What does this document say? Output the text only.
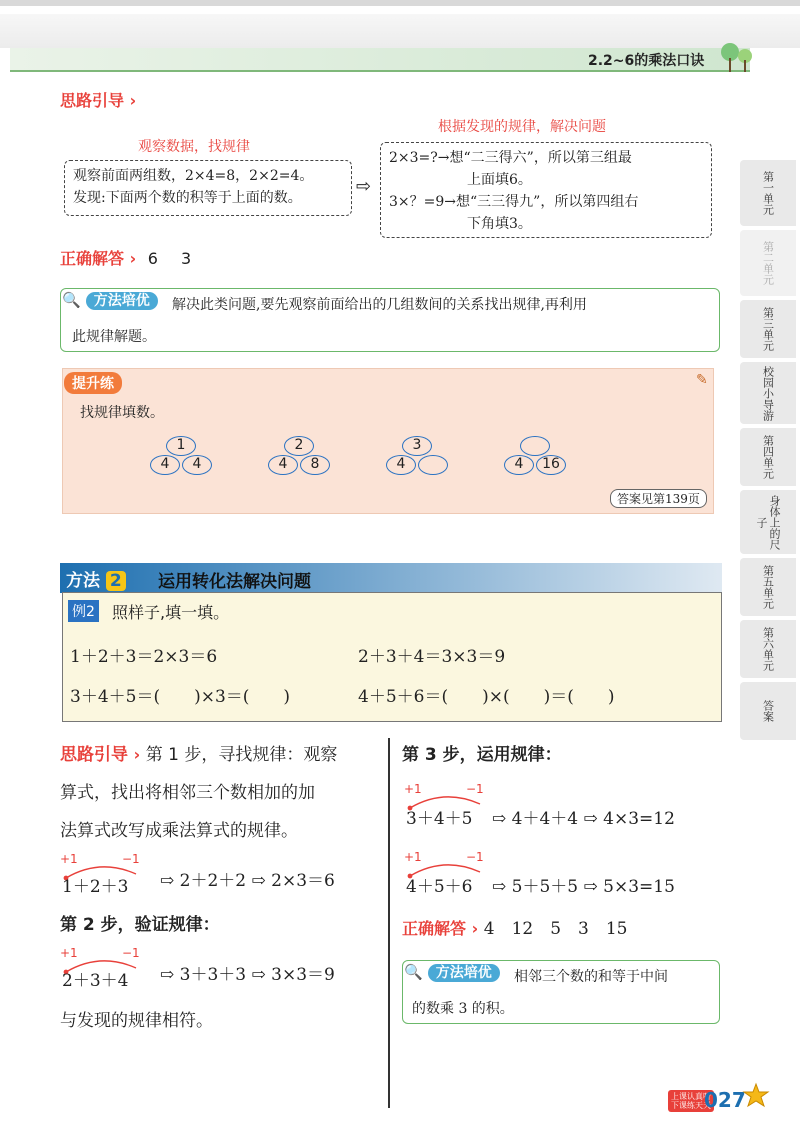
2.2~6的乘法口诀
思路引导 ›
观察数据，找规律
根据发现的规律，解决问题
观察前面两组数，2×4=8，2×2=4。
发现:下面两个数的积等于上面的数。
⇨
2×3=?→想“二三得六”，所以第三组最
上面填6。
3×？=9→想“三三得九”，所以第四组右
下角填3。
正确解答 › 6 3
🔍 方法培优	解决此类问题,要先观察前面给出的几组数间的关系找出规律,再利用
此规律解题。
提升练	✎
找规律填数。
1
4	4
2
4	8
3
4	4	16
答案见第139页
方法 2 运用转化法解决问题
例2 照样子,填一填。
1＋2＋3＝2×3＝6	2＋3＋4＝3×3＝9
3＋4＋5＝(　　)×3＝(　　)	4＋5＋6＝(　　)×(　　)＝(　　)
思路引导 › 第 1 步，寻找规律：观察
算式，找出将相邻三个数相加的加
法算式改写成乘法算式的规律。
+1	−1
1＋2＋3 ⇨ 2＋2＋2 ⇨ 2×3＝6
第 2 步，验证规律：
+1	−1
2＋3＋4 ⇨ 3＋3＋3 ⇨ 3×3＝9
与发现的规律相符。
第 3 步，运用规律：
+1	−1
3＋4＋5 ⇨ 4＋4＋4 ⇨ 4×3=12
+1	−1
4＋5＋6 ⇨ 5＋5＋5 ⇨ 5×3=15
正确解答 › 4　12　5　3　15
🔍 方法培优	相邻三个数的和等于中间
的数乘 3 的积。
第一单元
第二单元
第三单元
校园小导游
第四单元
身体上的尺子
第五单元
第六单元
答案
上课认真听
下课练天天
027
